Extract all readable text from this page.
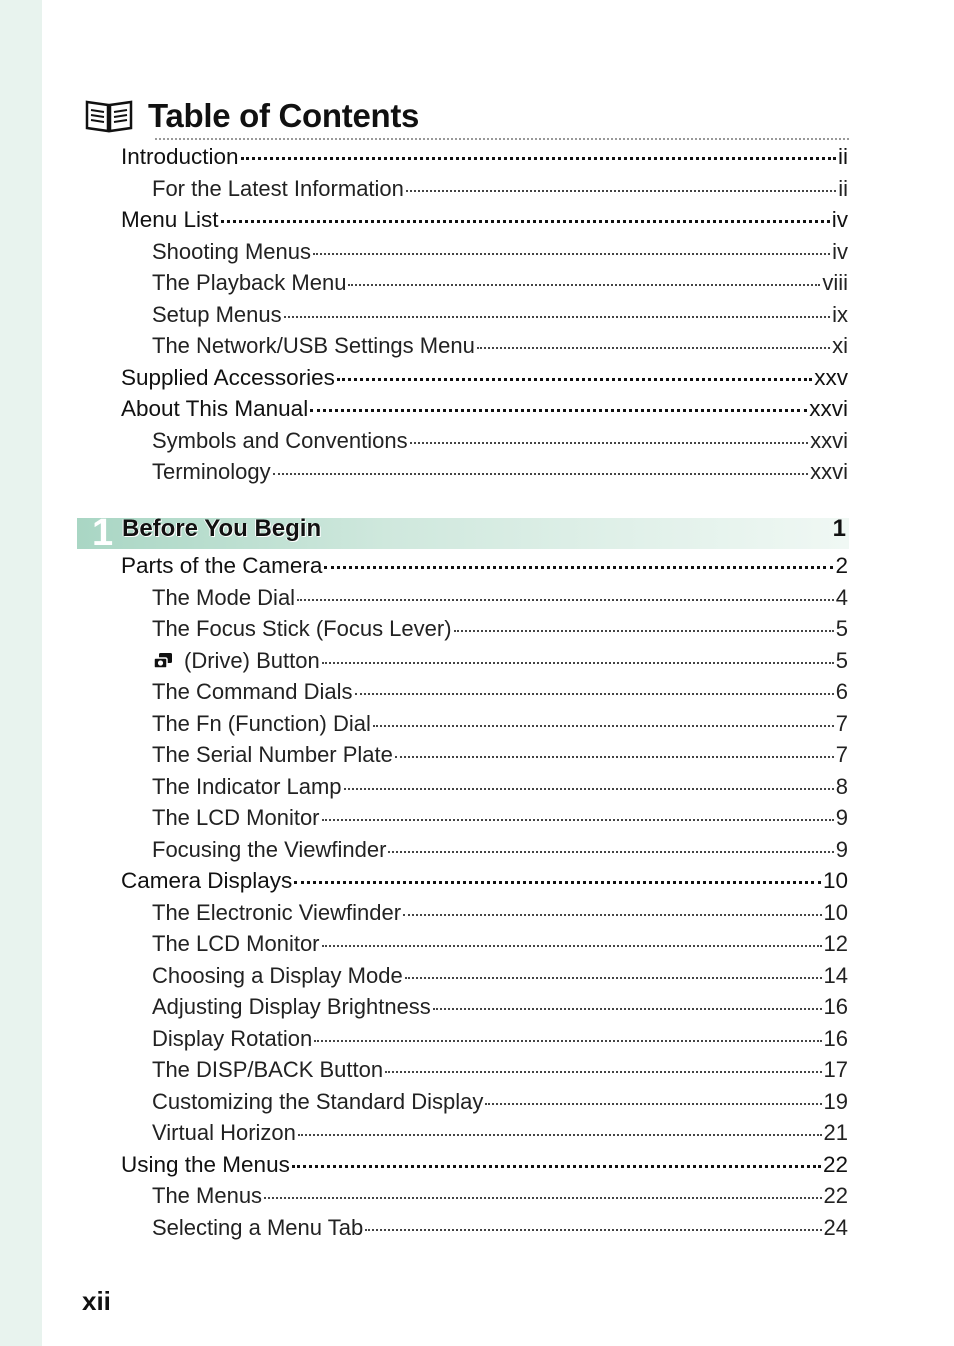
Table of Contents
Introduction	ii
For the Latest Information	ii
Menu List	iv
Shooting Menus	iv
The Playback Menu	viii
Setup Menus	ix
The Network/USB Settings Menu	xi
Supplied Accessories	xxv
About This Manual	xxvi
Symbols and Conventions	xxvi
Terminology	xxvi
1 Before You Begin	1
Parts of the Camera	2
The Mode Dial	4
The Focus Stick (Focus Lever)	5
(Drive) Button	5
The Command Dials	6
The Fn (Function) Dial	7
The Serial Number Plate	7
The Indicator Lamp	8
The LCD Monitor	9
Focusing the Viewfinder	9
Camera Displays	10
The Electronic Viewfinder	10
The LCD Monitor	12
Choosing a Display Mode	14
Adjusting Display Brightness	16
Display Rotation	16
The DISP/BACK Button	17
Customizing the Standard Display	19
Virtual Horizon	21
Using the Menus	22
The Menus	22
Selecting a Menu Tab	24
xii
